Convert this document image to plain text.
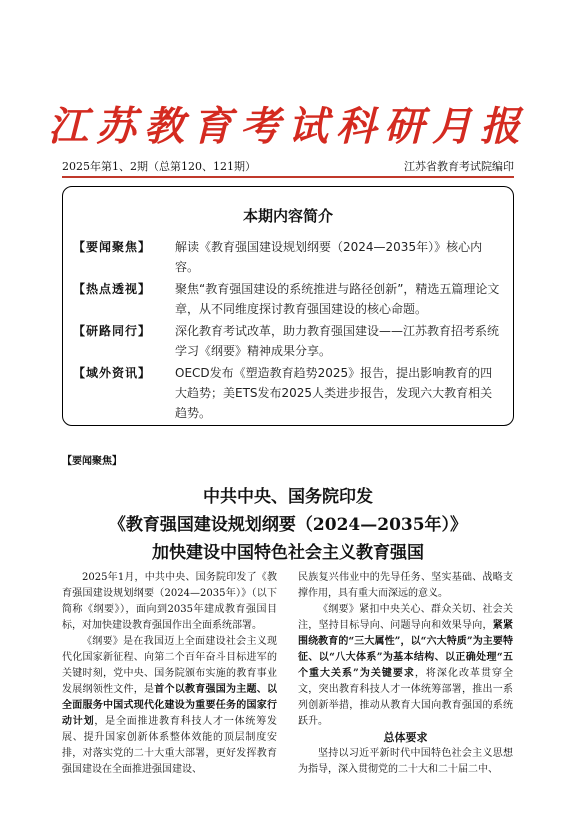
江苏教育考试科研月报
2025年第1、2期（总第120、121期）	江苏省教育考试院编印
本期内容简介
【要闻聚焦】	解读《教育强国建设规划纲要（2024—2035年）》核心内容。
【热点透视】	聚焦“教育强国建设的系统推进与路径创新”，精选五篇理论文章，从不同维度探讨教育强国建设的核心命题。
【研路同行】	深化教育考试改革，助力教育强国建设——江苏教育招考系统学习《纲要》精神成果分享。
【域外资讯】	OECD发布《塑造教育趋势2025》报告，提出影响教育的四大趋势；美ETS发布2025人类进步报告，发现六大教育相关趋势。
【要闻聚焦】
中共中央、国务院印发
《教育强国建设规划纲要（2024—2035年）》
加快建设中国特色社会主义教育强国

2025年1月，中共中央、国务院印发了《教育强国建设规划纲要（2024—2035年）》（以下简称《纲要》），面向到2035年建成教育强国目标，对加快建设教育强国作出全面系统部署。

《纲要》是在我国迈上全面建设社会主义现代化国家新征程、向第二个百年奋斗目标进军的关键时刻，党中央、国务院颁布实施的教育事业发展纲领性文件，是首个以教育强国为主题、以全面服务中国式现代化建设为重要任务的国家行动计划，是全面推进教育科技人才一体统筹发展、提升国家创新体系整体效能的顶层制度安排，对落实党的二十大重大部署，更好发挥教育强国建设在全面推进强国建设、

民族复兴伟业中的先导任务、坚实基础、战略支撑作用，具有重大而深远的意义。

《纲要》紧扣中央关心、群众关切、社会关注，坚持目标导向、问题导向和效果导向，紧紧围绕教育的“三大属性”，以“六大特质”为主要特征、以“八大体系”为基本结构、以正确处理“五个重大关系”为关键要求，将深化改革贯穿全文，突出教育科技人才一体统筹部署，推出一系列创新举措，推动从教育大国向教育强国的系统跃升。

总体要求

坚持以习近平新时代中国特色社会主义思想为指导，深入贯彻党的二十大和二十届二中、
